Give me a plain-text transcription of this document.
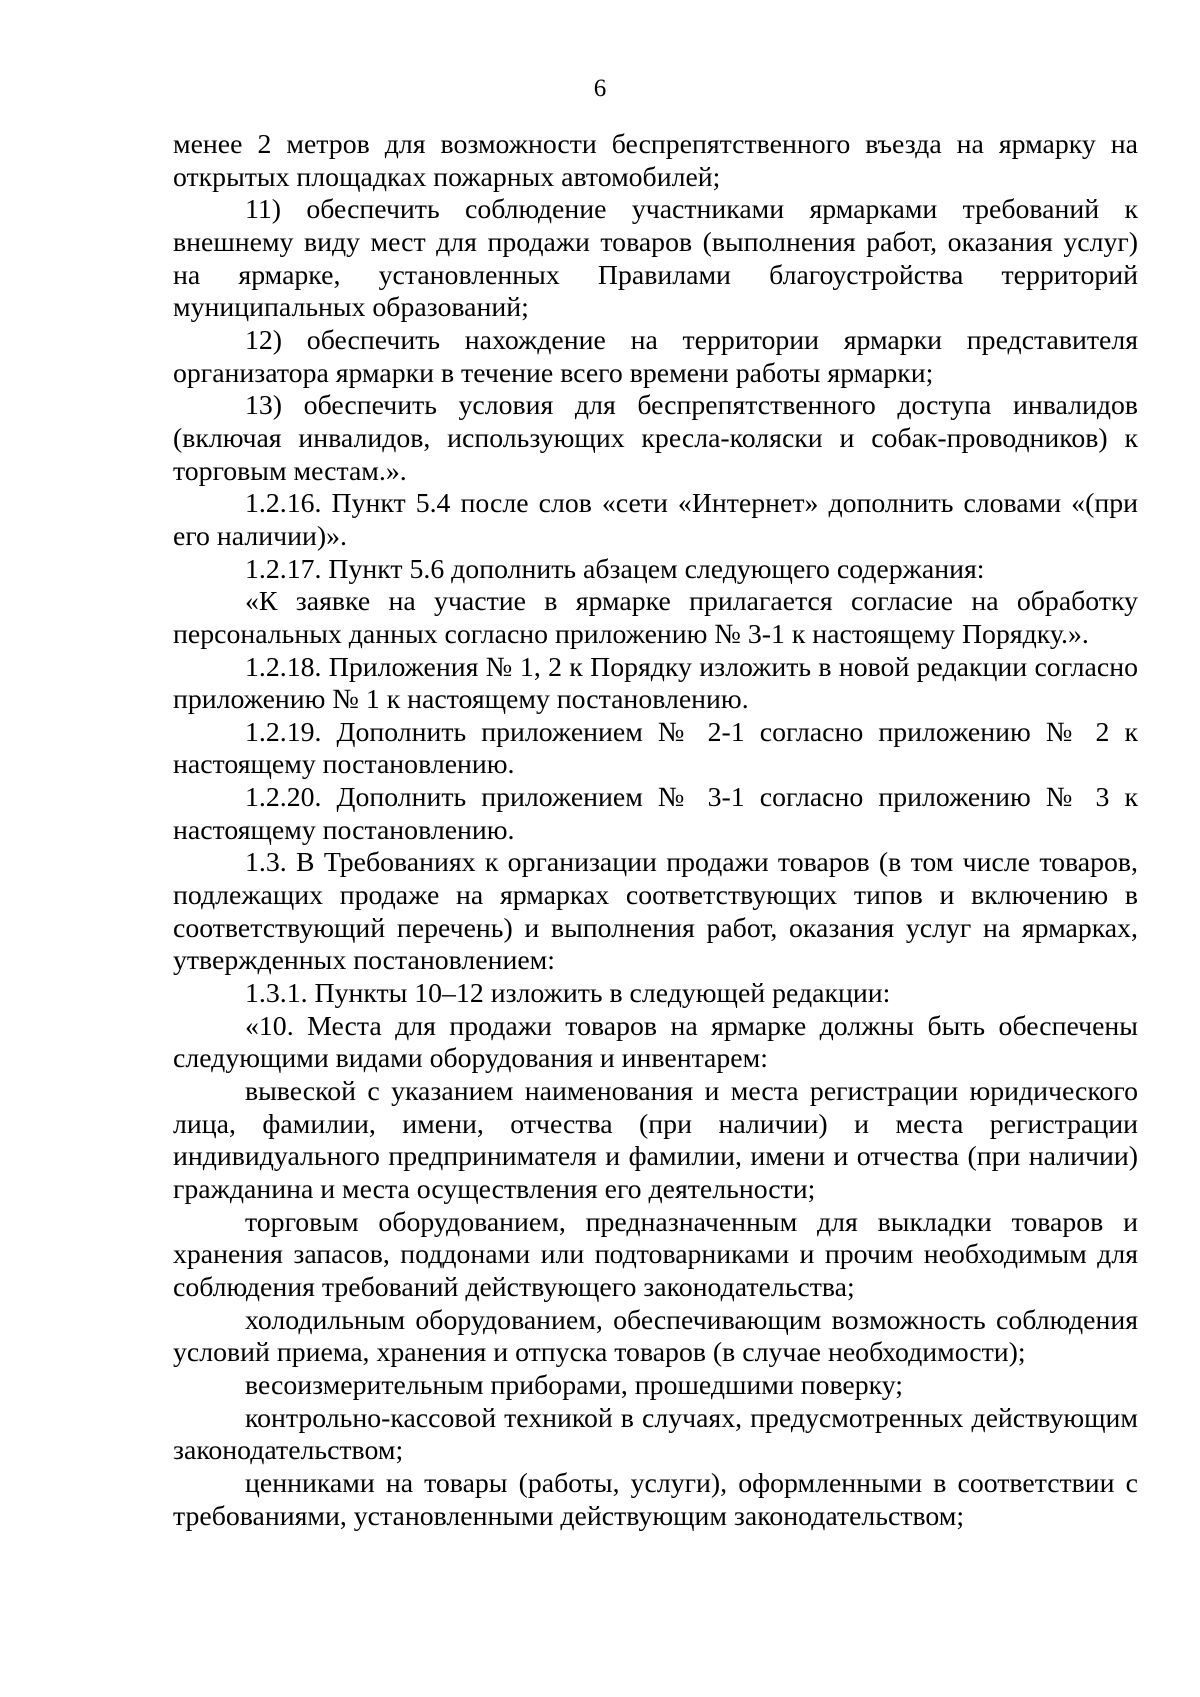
6

менее 2 метров для возможности беспрепятственного въезда на ярмарку на открытых площадках пожарных автомобилей;

11) обеспечить соблюдение участниками ярмарками требований к внешнему виду мест для продажи товаров (выполнения работ, оказания услуг) на ярмарке, установленных Правилами благоустройства территорий муниципальных образований;

12) обеспечить нахождение на территории ярмарки представителя организатора ярмарки в течение всего времени работы ярмарки;

13) обеспечить условия для беспрепятственного доступа инвалидов (включая инвалидов, использующих кресла-коляски и собак-проводников) к торговым местам.».

1.2.16. Пункт 5.4 после слов «сети «Интернет» дополнить словами «(при его наличии)».

1.2.17. Пункт 5.6 дополнить абзацем следующего содержания:

«К заявке на участие в ярмарке прилагается согласие на обработку персональных данных согласно приложению № 3-1 к настоящему Порядку.».

1.2.18. Приложения № 1, 2 к Порядку изложить в новой редакции согласно приложению № 1 к настоящему постановлению.

1.2.19. Дополнить приложением № 2-1 согласно приложению № 2 к настоящему постановлению.

1.2.20. Дополнить приложением № 3-1 согласно приложению № 3 к настоящему постановлению.

1.3. В Требованиях к организации продажи товаров (в том числе товаров, подлежащих продаже на ярмарках соответствующих типов и включению в соответствующий перечень) и выполнения работ, оказания услуг на ярмарках, утвержденных постановлением:

1.3.1. Пункты 10–12 изложить в следующей редакции:

«10. Места для продажи товаров на ярмарке должны быть обеспечены следующими видами оборудования и инвентарем:

вывеской с указанием наименования и места регистрации юридического лица, фамилии, имени, отчества (при наличии) и места регистрации индивидуального предпринимателя и фамилии, имени и отчества (при наличии) гражданина и места осуществления его деятельности;

торговым оборудованием, предназначенным для выкладки товаров и хранения запасов, поддонами или подтоварниками и прочим необходимым для соблюдения требований действующего законодательства;

холодильным оборудованием, обеспечивающим возможность соблюдения условий приема, хранения и отпуска товаров (в случае необходимости);

весоизмерительным приборами, прошедшими поверку;

контрольно-кассовой техникой в случаях, предусмотренных действующим законодательством;

ценниками на товары (работы, услуги), оформленными в соответствии с требованиями, установленными действующим законодательством;
